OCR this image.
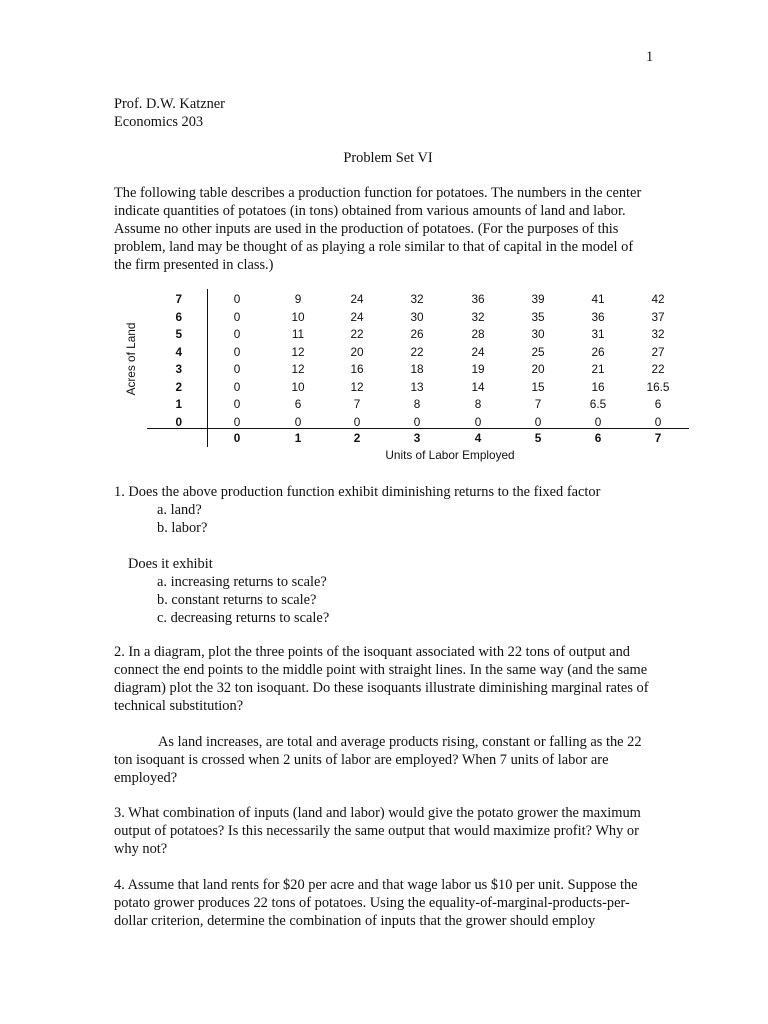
1
Prof. D.W. Katzner
Economics 203
Problem Set VI
The following table describes a production function for potatoes. The numbers in the center indicate quantities of potatoes (in tons) obtained from various amounts of land and labor. Assume no other inputs are used in the production of potatoes. (For the purposes of this problem, land may be thought of as playing a role similar to that of capital in the model of the firm presented in class.)
Acres of Land
7	0	9	24	32	36	39	41	42
6	0	10	24	30	32	35	36	37
5	0	11	22	26	28	30	31	32
4	0	12	20	22	24	25	26	27
3	0	12	16	18	19	20	21	22
2	0	10	12	13	14	15	16	16.5
1	0	6	7	8	8	7	6.5	6
0	0	0	0	0	0	0	0	0
0	1	2	3	4	5	6	7
Units of Labor Employed
1. Does the above production function exhibit diminishing returns to the fixed factor
a. land?
b. labor?
Does it exhibit
a. increasing returns to scale?
b. constant returns to scale?
c. decreasing returns to scale?
2. In a diagram, plot the three points of the isoquant associated with 22 tons of output and connect the end points to the middle point with straight lines. In the same way (and the same diagram) plot the 32 ton isoquant. Do these isoquants illustrate diminishing marginal rates of technical substitution?
As land increases, are total and average products rising, constant or falling as the 22 ton isoquant is crossed when 2 units of labor are employed? When 7 units of labor are employed?
3. What combination of inputs (land and labor) would give the potato grower the maximum output of potatoes? Is this necessarily the same output that would maximize profit? Why or why not?
4. Assume that land rents for $20 per acre and that wage labor us $10 per unit. Suppose the potato grower produces 22 tons of potatoes. Using the equality-of-marginal-products-per-dollar criterion, determine the combination of inputs that the grower should employ
